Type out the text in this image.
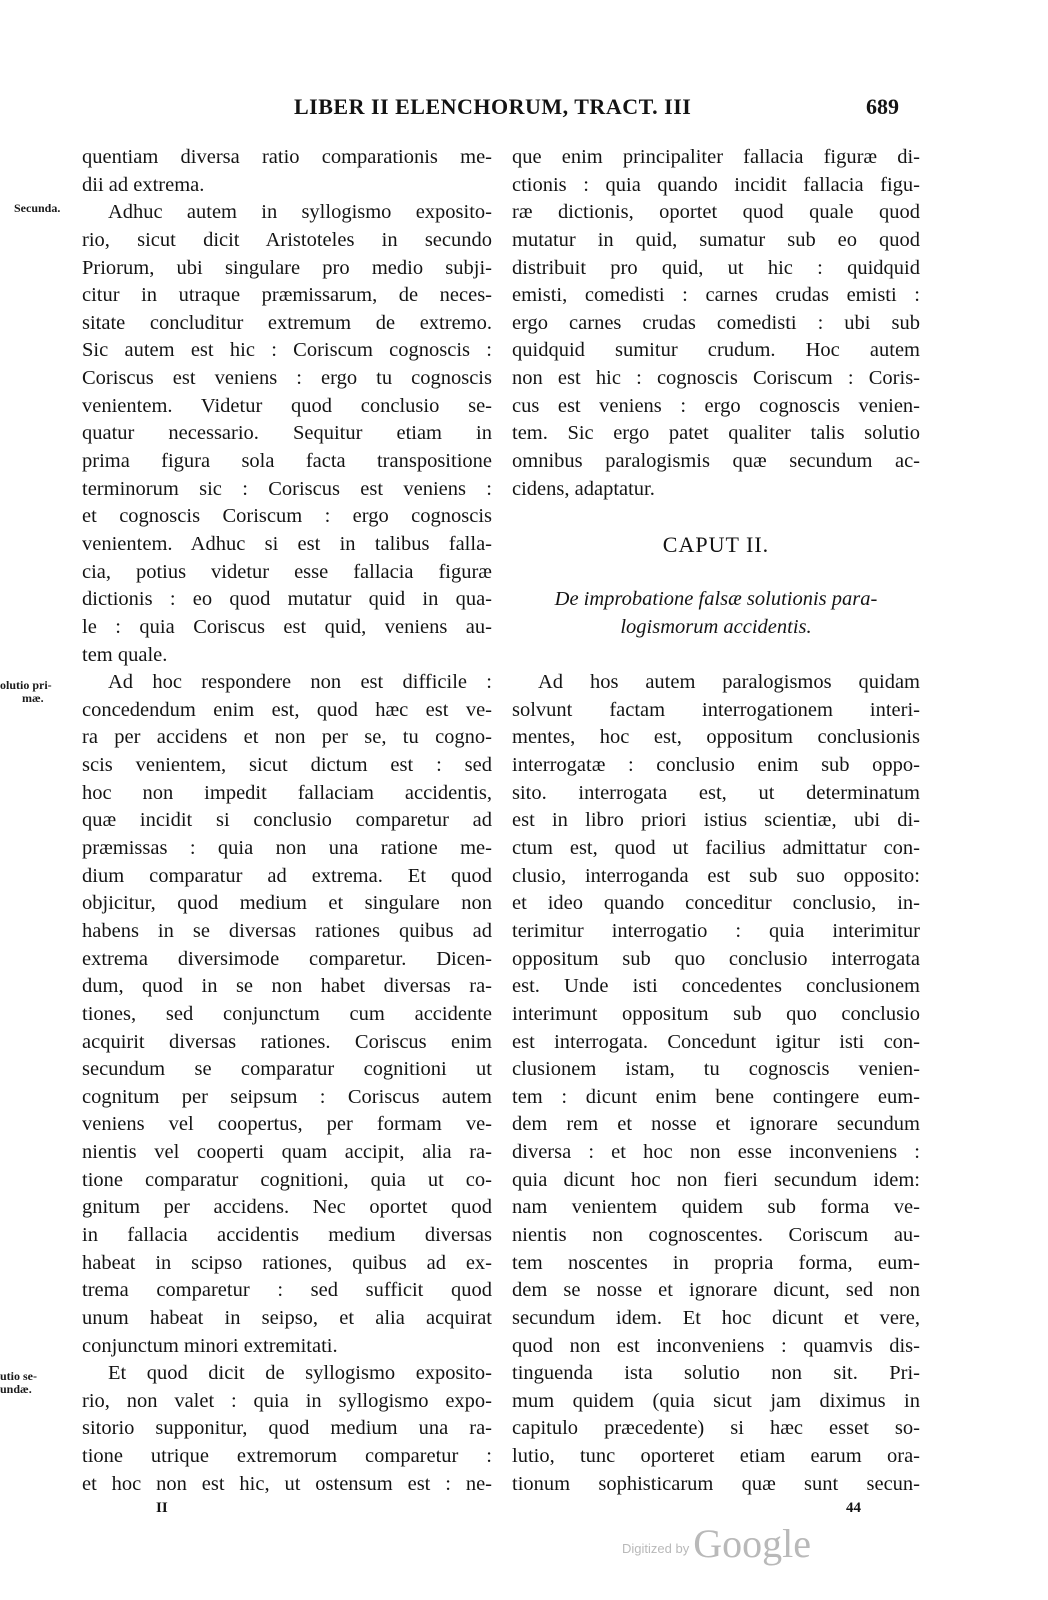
LIBER II ELENCHORUM, TRACT. III	689
Secunda.
olutio pri-
mæ.
utio se-
undæ.
quentiam diversa ratio comparationis me-
dii ad extrema.
Adhuc autem in syllogismo exposito-
rio, sicut dicit Aristoteles in secundo
Priorum, ubi singulare pro medio subji-
citur in utraque præmissarum, de neces-
sitate concluditur extremum de extremo.
Sic autem est hic : Coriscum cognoscis :
Coriscus est veniens : ergo tu cognoscis
venientem. Videtur quod conclusio se-
quatur necessario. Sequitur etiam in
prima figura sola facta transpositione
terminorum sic : Coriscus est veniens :
et cognoscis Coriscum : ergo cognoscis
venientem. Adhuc si est in talibus falla-
cia, potius videtur esse fallacia figuræ
dictionis : eo quod mutatur quid in qua-
le : quia Coriscus est quid, veniens au-
tem quale.
Ad hoc respondere non est difficile :
concedendum enim est, quod hæc est ve-
ra per accidens et non per se, tu cogno-
scis venientem, sicut dictum est : sed
hoc non impedit fallaciam accidentis,
quæ incidit si conclusio comparetur ad
præmissas : quia non una ratione me-
dium comparatur ad extrema. Et quod
objicitur, quod medium et singulare non
habens in se diversas rationes quibus ad
extrema diversimode comparetur. Dicen-
dum, quod in se non habet diversas ra-
tiones, sed conjunctum cum accidente
acquirit diversas rationes. Coriscus enim
secundum se comparatur cognitioni ut
cognitum per seipsum : Coriscus autem
veniens vel coopertus, per formam ve-
nientis vel cooperti quam accipit, alia ra-
tione comparatur cognitioni, quia ut co-
gnitum per accidens. Nec oportet quod
in fallacia accidentis medium diversas
habeat in scipso rationes, quibus ad ex-
trema comparetur : sed sufficit quod
unum habeat in seipso, et alia acquirat
conjunctum minori extremitati.
Et quod dicit de syllogismo exposito-
rio, non valet : quia in syllogismo expo-
sitorio supponitur, quod medium una ra-
tione utrique extremorum comparetur :
et hoc non est hic, ut ostensum est : ne-
que enim principaliter fallacia figuræ di-
ctionis : quia quando incidit fallacia figu-
ræ dictionis, oportet quod quale quod
mutatur in quid, sumatur sub eo quod
distribuit pro quid, ut hic : quidquid
emisti, comedisti : carnes crudas emisti :
ergo carnes crudas comedisti : ubi sub
quidquid sumitur crudum. Hoc autem
non est hic : cognoscis Coriscum : Coris-
cus est veniens : ergo cognoscis venien-
tem. Sic ergo patet qualiter talis solutio
omnibus paralogismis quæ secundum ac-
cidens, adaptatur.
CAPUT II.
De improbatione falsæ solutionis para-
logismorum accidentis.
Ad hos autem paralogismos quidam
solvunt factam interrogationem interi-
mentes, hoc est, oppositum conclusionis
interrogatæ : conclusio enim sub oppo-
sito. interrogata est, ut determinatum
est in libro priori istius scientiæ, ubi di-
ctum est, quod ut facilius admittatur con-
clusio, interroganda est sub suo opposito:
et ideo quando conceditur conclusio, in-
terimitur interrogatio : quia interimitur
oppositum sub quo conclusio interrogata
est. Unde isti concedentes conclusionem
interimunt oppositum sub quo conclusio
est interrogata. Concedunt igitur isti con-
clusionem istam, tu cognoscis venien-
tem : dicunt enim bene contingere eum-
dem rem et nosse et ignorare secundum
diversa : et hoc non esse inconveniens :
quia dicunt hoc non fieri secundum idem:
nam venientem quidem sub forma ve-
nientis non cognoscentes. Coriscum au-
tem noscentes in propria forma, eum-
dem se nosse et ignorare dicunt, sed non
secundum idem. Et hoc dicunt et vere,
quod non est inconveniens : quamvis dis-
tinguenda ista solutio non sit. Pri-
mum quidem (quia sicut jam diximus in
capitulo præcedente) si hæc esset so-
lutio, tunc oporteret etiam earum ora-
tionum sophisticarum quæ sunt secun-
II	44
$^{Digitized by}$ Google
